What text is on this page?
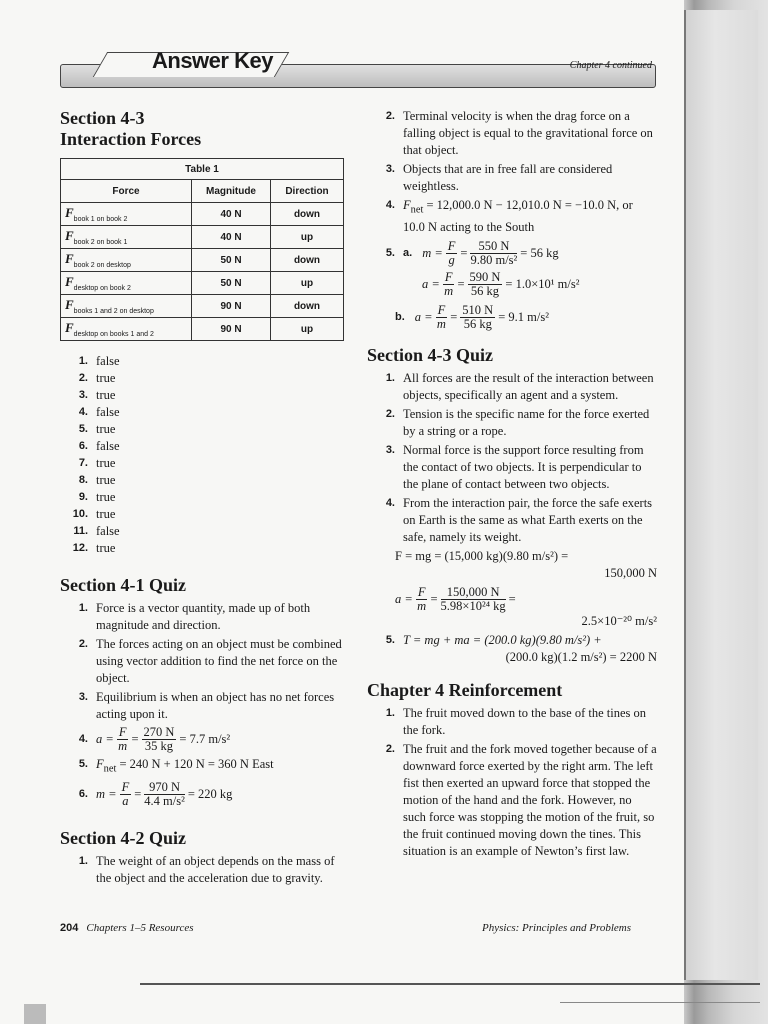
Answer Key	Chapter 4 continued
Section 4-3
Interaction Forces
Table 1		
Force	Magnitude	Direction
$F_{book 1 on book 2}$	40 N	down
$F_{book 2 on book 1}$	40 N	up
$F_{book 2 on desktop}$	50 N	down
$F_{desktop on book 2}$	50 N	up
$F_{books 1 and 2 on desktop}$	90 N	down
$F_{desktop on books 1 and 2}$	90 N	up
1. false
2. true
3. true
4. false
5. true
6. false
7. true
8. true
9. true
10. true
11. false
12. true
Section 4-1 Quiz
1. Force is a vector quantity, made up of both magnitude and direction.
2. The forces acting on an object must be combined using vector addition to find the net force on the object.
3. Equilibrium is when an object has no net forces acting upon it.
4. $a = \frac{F}{m} = \frac{270 N}{35 kg} = 7.7$ m/s²
5. $F_{net} = 240$ N + 120 N = 360 N East
6. $m = \frac{F}{a} = \frac{970 N}{\text{4.4 m/s²}} = 220$ kg
Section 4-2 Quiz
1. The weight of an object depends on the mass of the object and the acceleration due to gravity.
2. Terminal velocity is when the drag force on a falling object is equal to the gravitational force on that object.
3. Objects that are in free fall are considered weightless.
4. $F_{net} = 12,000.0$ N − 12,010.0 N = −10.0 N, or 10.0 N acting to the South
5. a. $m = \frac{F}{g} = \frac{550 N}{\text{9.80 m/s²}} = 56$ kg
$a = \frac{F}{m} = \frac{590 N}{56 kg} = 1.0\times 10^1$ m/s²
b. $a = \frac{F}{m} = \frac{510 N}{56 kg} = 9.1$ m/s²
Section 4-3 Quiz
1. All forces are the result of the interaction between objects, specifically an agent and a system.
2. Tension is the specific name for the force exerted by a string or a rope.
3. Normal force is the support force resulting from the contact of two objects. It is perpendicular to the plane of contact between two objects.
4. From the interaction pair, the force the safe exerts on Earth is the same as what Earth exerts on the safe, namely its weight.
F = mg = (15,000 kg)(9.80 m/s²) =
150,000 N
$a = \frac{F}{m} = \frac{150,000 N}{\text{5.98×10²⁴ kg}}$ =
2.5×10⁻²⁰ m/s²
5. T = mg + ma = (200.0 kg)(9.80 m/s²) +
(200.0 kg)(1.2 m/s²) = 2200 N
Chapter 4 Reinforcement
1. The fruit moved down to the base of the tines on the fork.
2. The fruit and the fork moved together because of a downward force exerted by the right arm. The left fist then exerted an upward force that stopped the motion of the hand and the fork. However, no such force was stopping the motion of the fruit, so the fruit continued moving down the tines. This situation is an example of Newton’s first law.
204 Chapters 1–5 Resources	Physics: Principles and Problems
